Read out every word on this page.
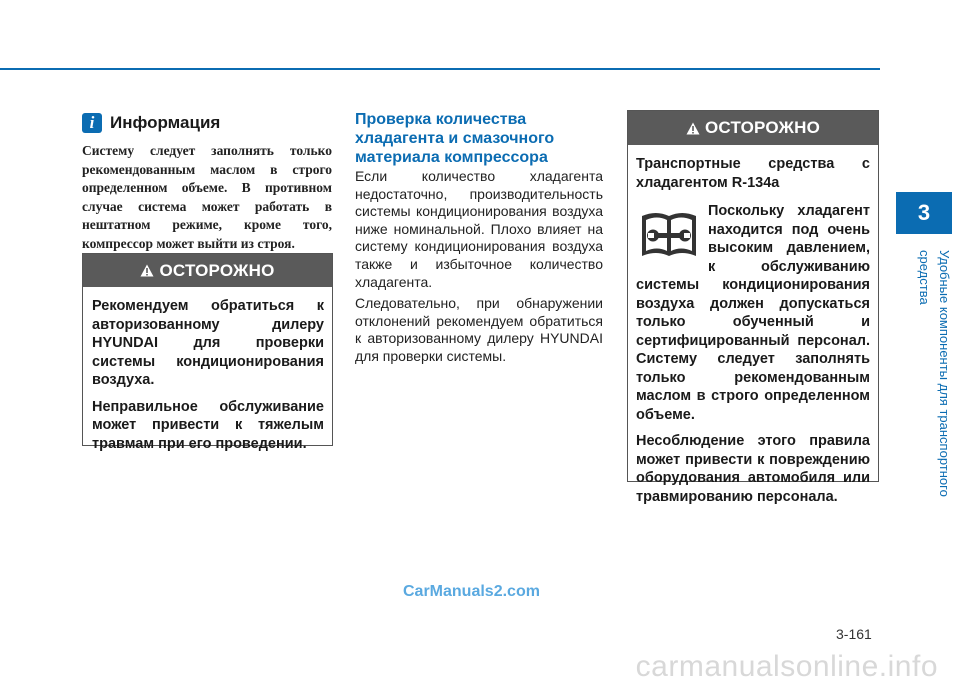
i Информация
Системy следует заполнять только рекомендованным маслом в строго определенном объеме. В противном случае система может работать в нештатном режиме, кроме того, компрессор может выйти из строя.
ОСТОРОЖНО

Рекомендуем обратиться к авторизованному дилеру HYUNDAI для проверки системы кондиционирования воздуха.

Неправильное обслуживание может привести к тяжелым травмам при его проведении.

Проверка количества хладагента и смазочного материала компрессора

Если количество хладагента недостаточно, производительность системы кондиционирования воздуха ниже номинальной. Плохо влияет на систему кондиционирования воздуха также и избыточное количество хладагента.

Следовательно, при обнаружении отклонений рекомендуем обратиться к авторизованному дилеру HYUNDAI для проверки системы.

ОСТОРОЖНО

Транспортные средства с хладагентом R-134a

Поскольку хладагент находится под очень высоким давлением, к обслуживанию системы кондиционирования воздуха должен допускаться только обученный и сертифицированный персонал. Систему следует заполнять только рекомендованным маслом в строго определенном объеме.

Несоблюдение этого правила может привести к повреждению оборудования автомобиля или травмированию персонала.

3
Удобные компоненты для транспортного средства
CarManuals2.com
3-161
carmanualsonline.info
